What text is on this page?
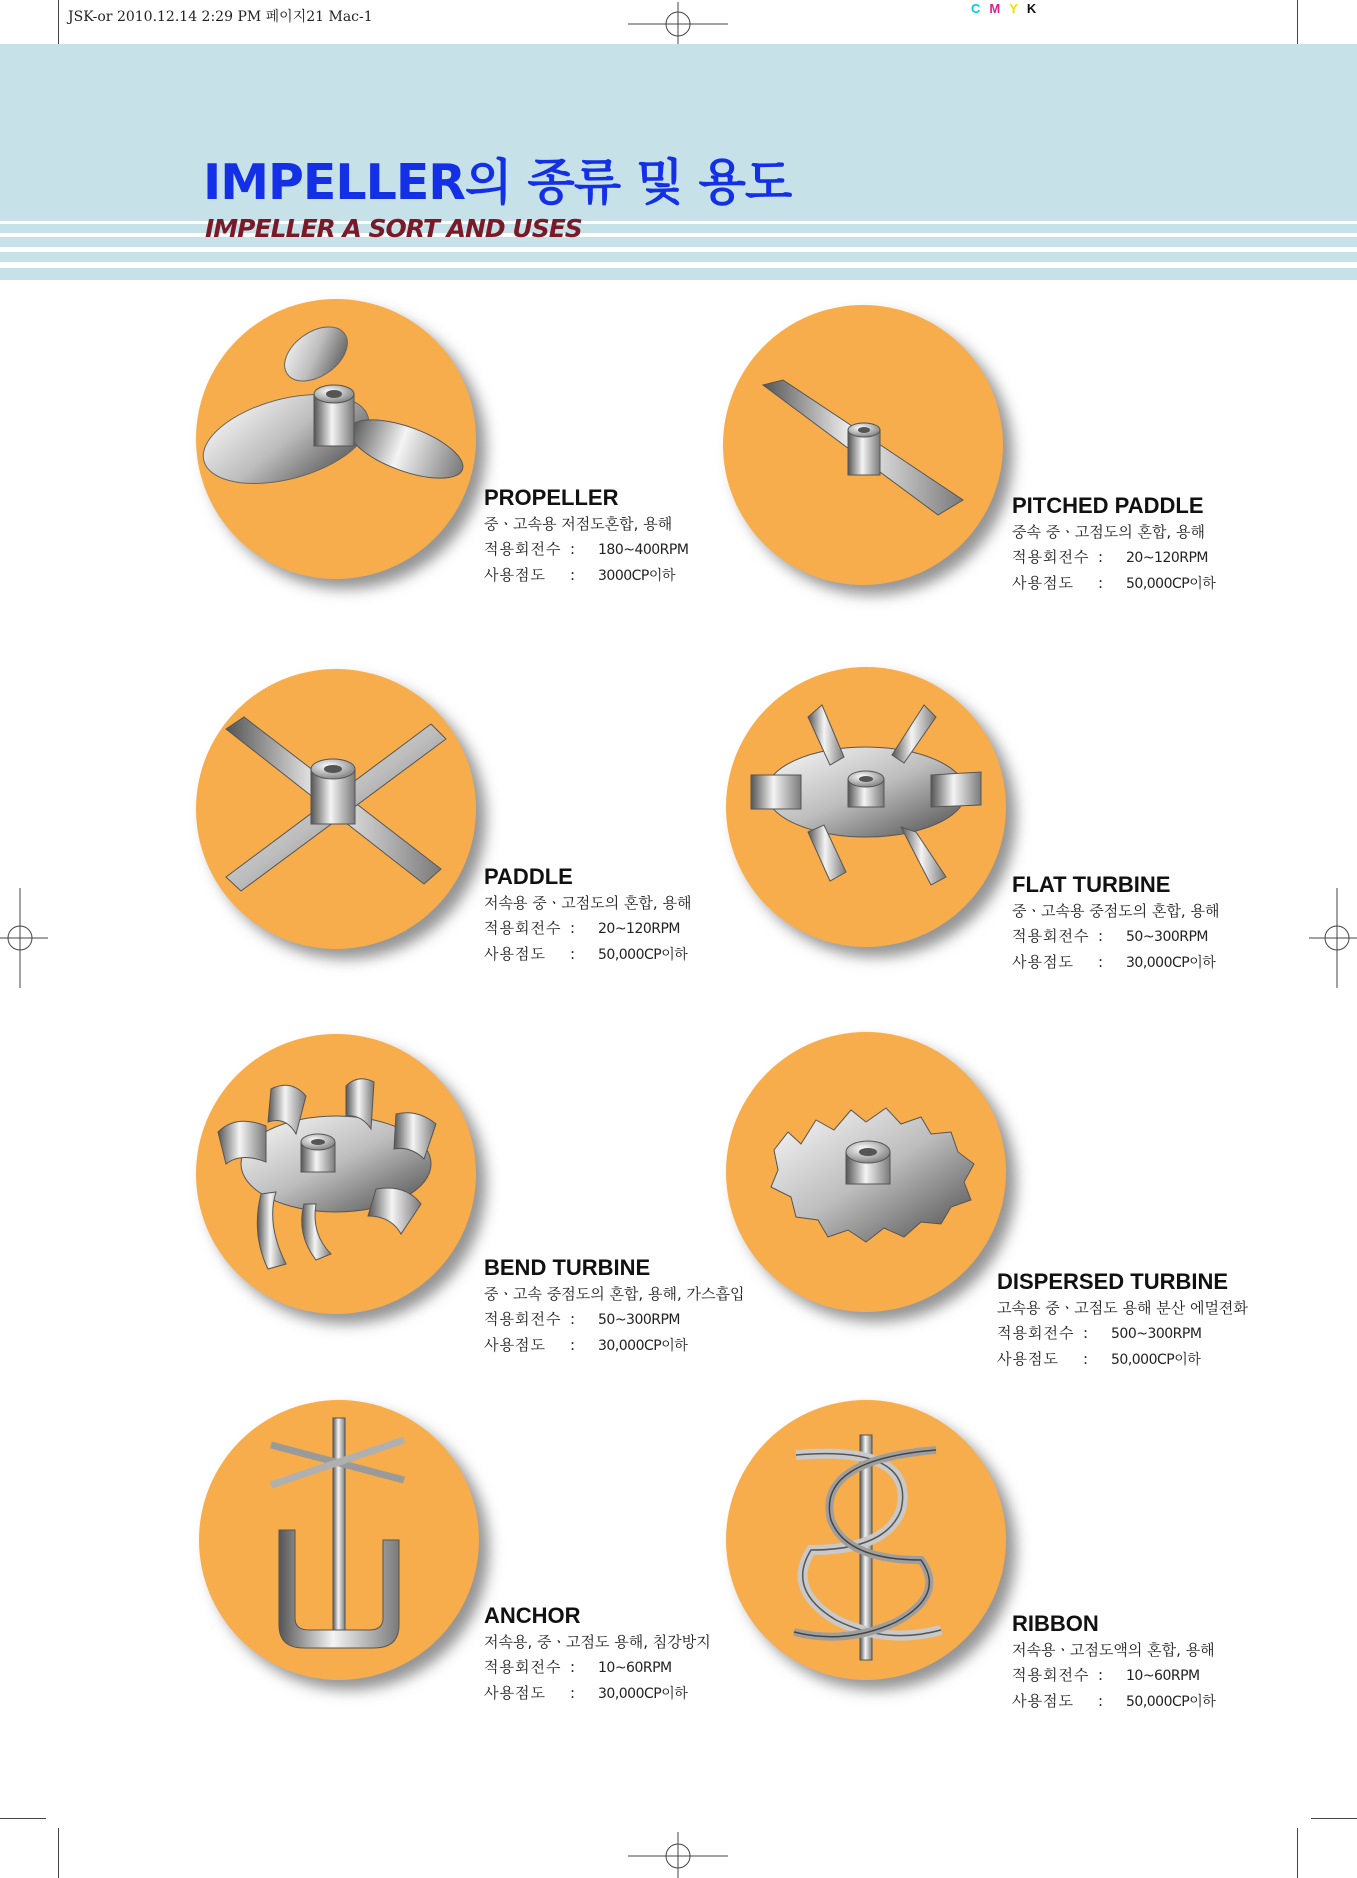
JSK-or 2010.12.14 2:29 PM 페이지21 Mac-1
CMYK
IMPELLER의 종류 및 용도
IMPELLER A SORT AND USES
PROPELLER
중ㆍ고속용 저점도혼합, 용해
적용회전수 : 180~400RPM
사용점도 : 3000CP이하
PITCHED PADDLE
중속 중ㆍ고점도의 혼합, 용해
적용회전수 : 20~120RPM
사용점도 : 50,000CP이하
PADDLE
저속용 중ㆍ고점도의 혼합, 용해
적용회전수 : 20~120RPM
사용점도 : 50,000CP이하
FLAT TURBINE
중ㆍ고속용 중점도의 혼합, 용해
적용회전수 : 50~300RPM
사용점도 : 30,000CP이하
BEND TURBINE
중ㆍ고속 중점도의 혼합, 용해, 가스흡입
적용회전수 : 50~300RPM
사용점도 : 30,000CP이하
DISPERSED TURBINE
고속용 중ㆍ고점도 용해 분산 에멀젼화
적용회전수 : 500~300RPM
사용점도 : 50,000CP이하
ANCHOR
저속용, 중ㆍ고점도 용해, 침강방지
적용회전수 : 10~60RPM
사용점도 : 30,000CP이하
RIBBON
저속용ㆍ고점도액의 혼합, 용해
적용회전수 : 10~60RPM
사용점도 : 50,000CP이하
